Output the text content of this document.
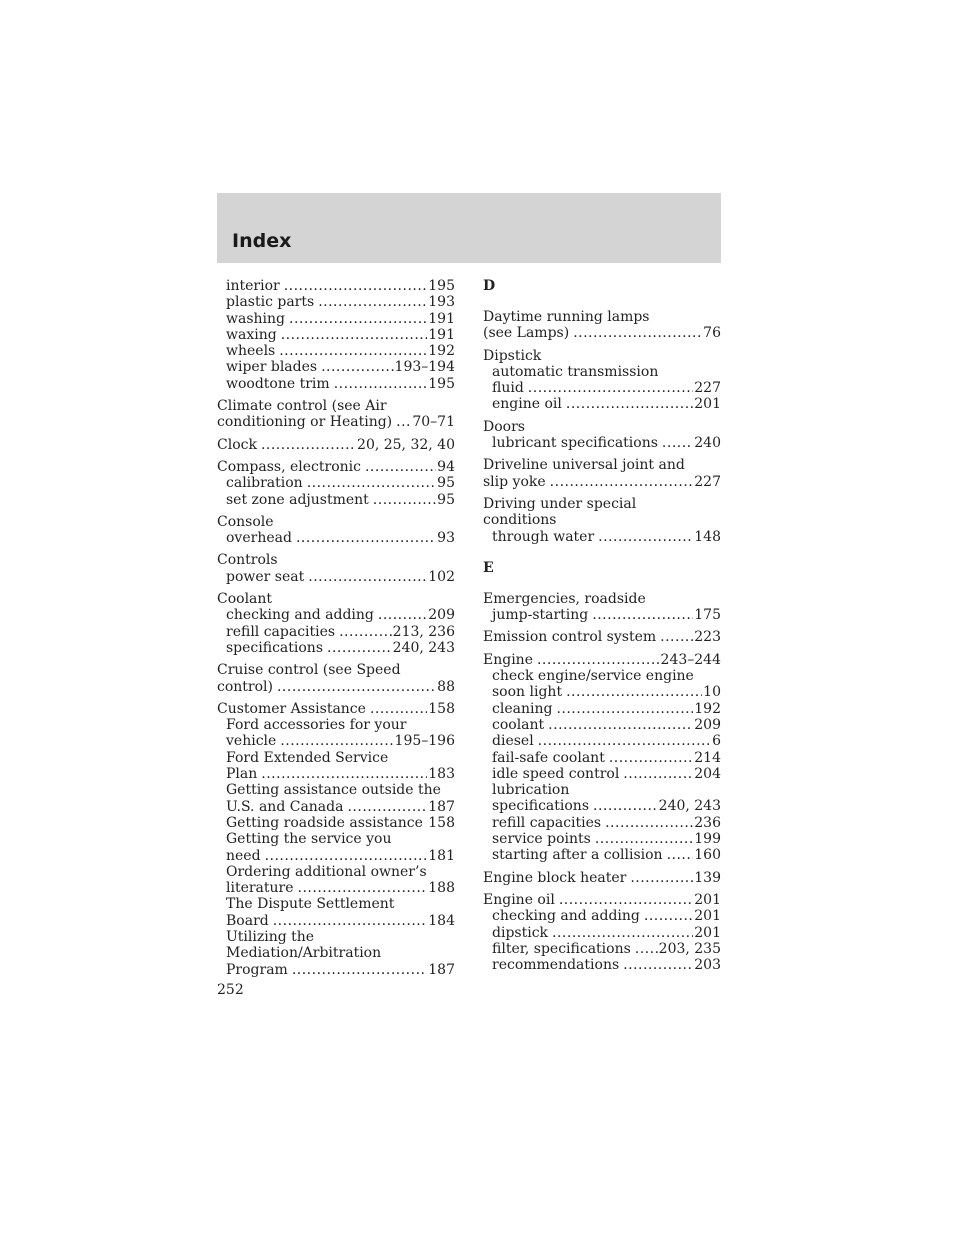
Index
interior .....	195
plastic parts .....	193
washing .....	191
waxing .....	191
wheels .....	192
wiper blades .....	193–194
woodtone trim .....	195
Climate control (see Air
conditioning or Heating) ..... 70–71
Clock .....	20, 25, 32, 40
Compass, electronic .....	94
calibration .....	95
set zone adjustment .....	95
Console
overhead .....	93
Controls
power seat .....	102
Coolant
checking and adding .....	209
refill capacities .....	213, 236
specifications .....	240, 243
Cruise control (see Speed
control) .....	88
Customer Assistance .....	158
Ford accessories for your
vehicle .....	195–196
Ford Extended Service
Plan .....	183
Getting assistance outside the
U.S. and Canada .....	187
Getting roadside assistance ..... 158
Getting the service you
need .....	181
Ordering additional owner’s
literature .....	188
The Dispute Settlement
Board .....	184
Utilizing the
Mediation/Arbitration
Program .....	187
D
Daytime running lamps
(see Lamps) .....	76
Dipstick
automatic transmission
fluid .....	227
engine oil .....	201
Doors
lubricant specifications .....	240
Driveline universal joint and
slip yoke .....	227
Driving under special
conditions
through water .....	148
E
Emergencies, roadside
jump-starting .....	175
Emission control system .....	223
Engine .....	243–244
check engine/service engine
soon light .....	10
cleaning .....	192
coolant .....	209
diesel .....	6
fail-safe coolant .....	214
idle speed control .....	204
lubrication
specifications .....	240, 243
refill capacities .....	236
service points .....	199
starting after a collision ..... 160
Engine block heater .....	139
Engine oil .....	201
checking and adding .....	201
dipstick .....	201
filter, specifications ..... 203, 235
recommendations .....	203
252
